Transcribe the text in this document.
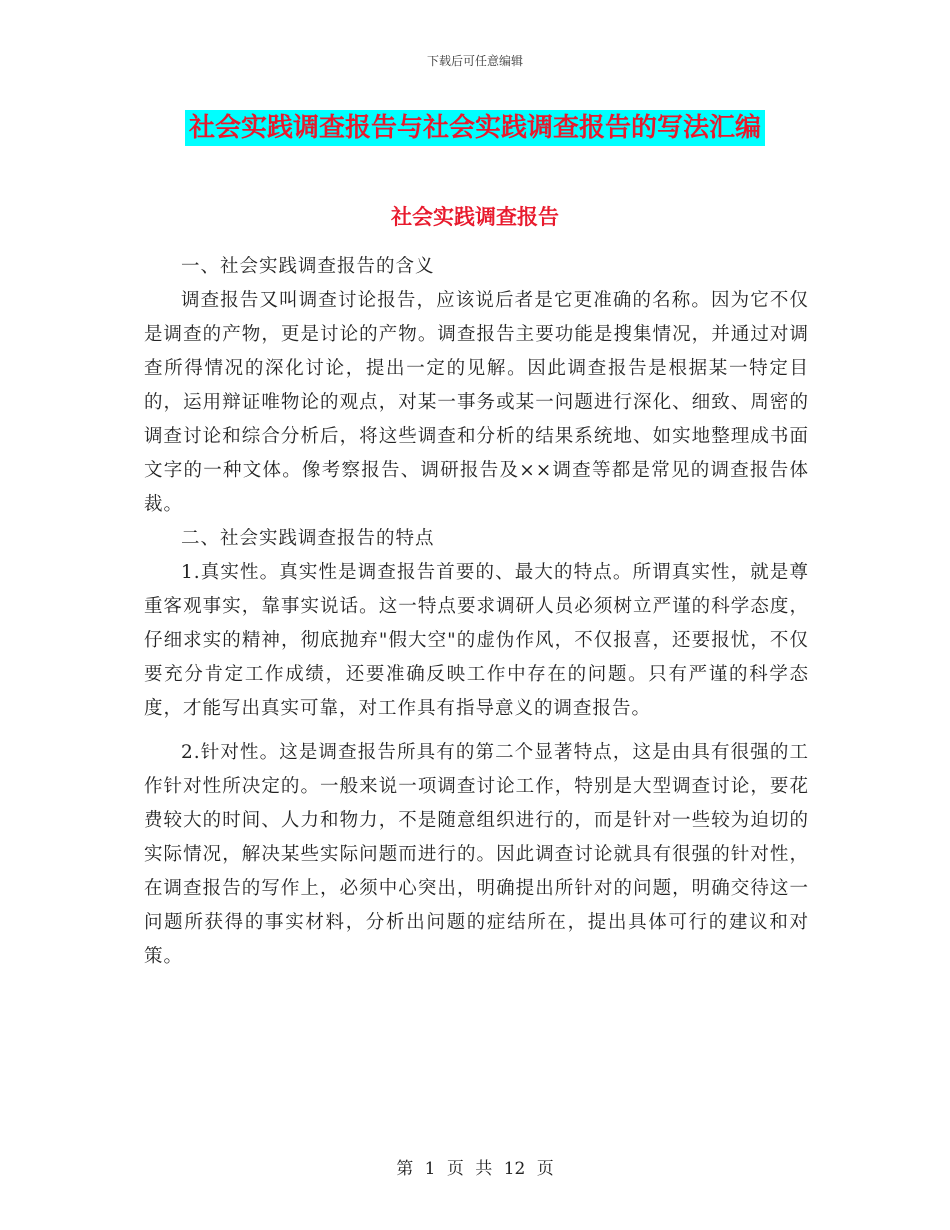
下载后可任意编辑
社会实践调查报告与社会实践调查报告的写法汇编
社会实践调查报告

一、社会实践调查报告的含义

调查报告又叫调查讨论报告，应该说后者是它更准确的名称。因为它不仅是调查的产物，更是讨论的产物。调查报告主要功能是搜集情况，并通过对调查所得情况的深化讨论，提出一定的见解。因此调查报告是根据某一特定目的，运用辩证唯物论的观点，对某一事务或某一问题进行深化、细致、周密的调查讨论和综合分析后，将这些调查和分析的结果系统地、如实地整理成书面文字的一种文体。像考察报告、调研报告及××调查等都是常见的调查报告体裁。

二、社会实践调查报告的特点

1.真实性。真实性是调查报告首要的、最大的特点。所谓真实性，就是尊重客观事实，靠事实说话。这一特点要求调研人员必须树立严谨的科学态度，仔细求实的精神，彻底抛弃"假大空"的虚伪作风，不仅报喜，还要报忧，不仅要充分肯定工作成绩，还要准确反映工作中存在的问题。只有严谨的科学态度，才能写出真实可靠，对工作具有指导意义的调查报告。

2.针对性。这是调查报告所具有的第二个显著特点，这是由具有很强的工作针对性所决定的。一般来说一项调查讨论工作，特别是大型调查讨论，要花费较大的时间、人力和物力，不是随意组织进行的，而是针对一些较为迫切的实际情况，解决某些实际问题而进行的。因此调查讨论就具有很强的针对性，在调查报告的写作上，必须中心突出，明确提出所针对的问题，明确交待这一问题所获得的事实材料，分析出问题的症结所在，提出具体可行的建议和对策。

第 1 页 共 12 页
